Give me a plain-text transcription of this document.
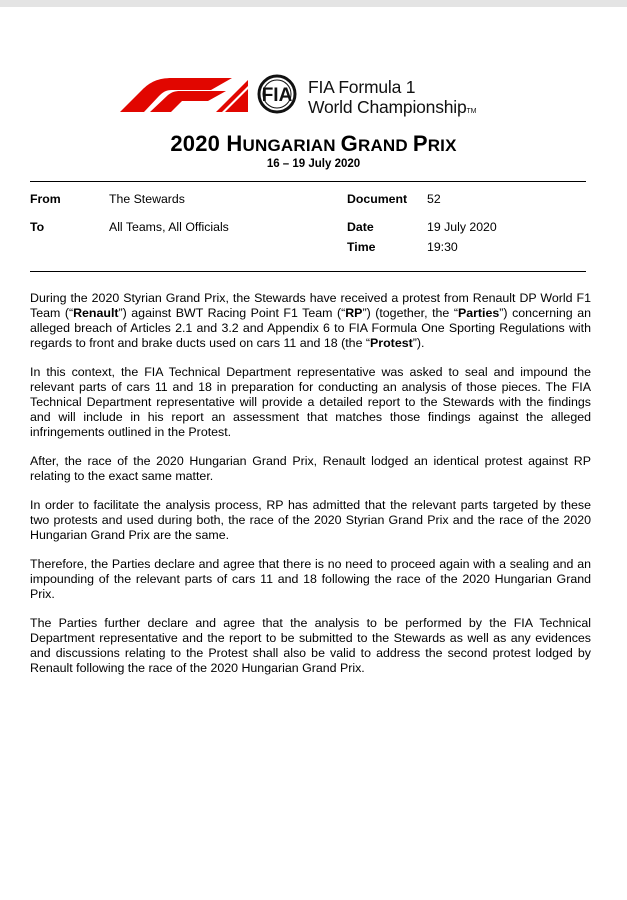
FIA FIA Formula 1
World ChampionshipTM
2020 HUNGARIAN GRAND PRIX
16 – 19 July 2020
From	The Stewards	Document 52
To	All Teams, All Officials	Date	19 July 2020
Time	19:30

During the 2020 Styrian Grand Prix, the Stewards have received a protest from Renault DP World F1 Team (“Renault”) against BWT Racing Point F1 Team (“RP”) (together, the “Parties”) concerning an alleged breach of Articles 2.1 and 3.2 and Appendix 6 to FIA Formula One Sporting Regulations with regards to front and brake ducts used on cars 11 and 18 (the “Protest”).

In this context, the FIA Technical Department representative was asked to seal and impound the relevant parts of cars 11 and 18 in preparation for conducting an analysis of those pieces. The FIA Technical Department representative will provide a detailed report to the Stewards with the findings and will include in his report an assessment that matches those findings against the alleged infringements outlined in the Protest.

After, the race of the 2020 Hungarian Grand Prix, Renault lodged an identical protest against RP relating to the exact same matter.

In order to facilitate the analysis process, RP has admitted that the relevant parts targeted by these two protests and used during both, the race of the 2020 Styrian Grand Prix and the race of the 2020 Hungarian Grand Prix are the same.

Therefore, the Parties declare and agree that there is no need to proceed again with a sealing and an impounding of the relevant parts of cars 11 and 18 following the race of the 2020 Hungarian Grand Prix.

The Parties further declare and agree that the analysis to be performed by the FIA Technical Department representative and the report to be submitted to the Stewards as well as any evidences and discussions relating to the Protest shall also be valid to address the second protest lodged by Renault following the race of the 2020 Hungarian Grand Prix.
